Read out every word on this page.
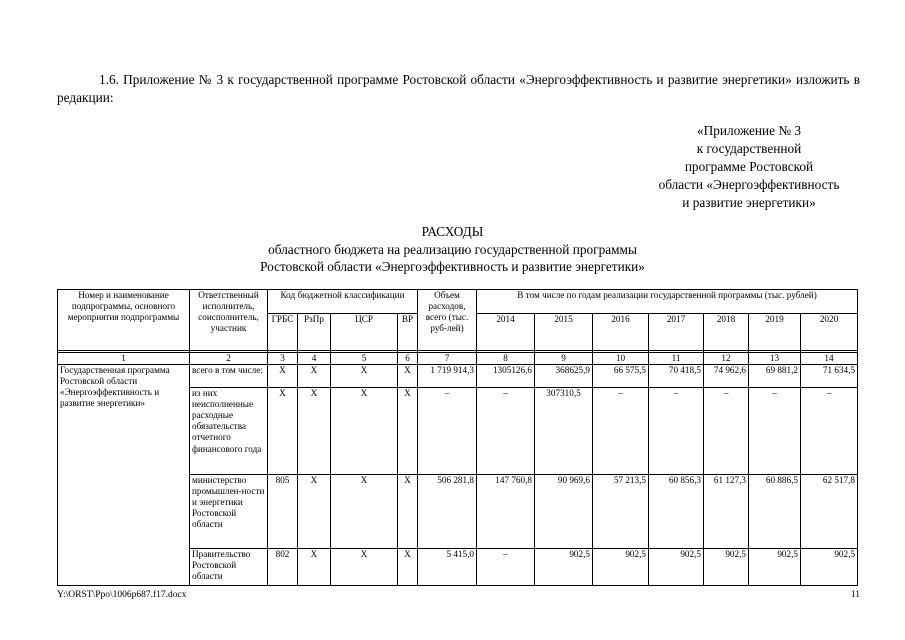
1.6. Приложение № 3 к государственной программе Ростовской области «Энергоэффективность и развитие энергетики» изложить в редакции:
«Приложение № 3
к государственной
программе Ростовской
области «Энергоэффективность
и развитие энергетики»
РАСХОДЫ
областного бюджета на реализацию государственной программы
Ростовской области «Энергоэффективность и развитие энергетики»
Номер и наименование подпрограммы, основного мероприятия подпрограммы	Ответственный исполнитель, соисполнитель, участник	Код бюджетной классификации				Объем расходов, всего (тыс. руб-лей)	В том числе по годам реализации государственной программы (тыс. рублей)						
		ГРБС	РзПр	ЦСР	ВР		2014	2015	2016	2017	2018	2019	2020

1	2	3	4	5	6	7	8	9	10	11	12	13	14
Государственная программа Ростовской области «Энергоэффективность и развитие энергетики»	всего в том числе:	X	X	X	X	1 719 914,3	1305126,6	368625,9	66 575,5	70 418,5	74 962,6	69 881,2	71 634,5
	из них неисполненные расходные обязательства отчетного финансового года	X	X	X	X	–	–	307310,5	–	–	–	–	–
	министерство промышлен-ности и энергетики Ростовской области	805	X	X	X	506 281,8	147 760,8	90 969,6	57 213,5	60 856,3	61 127,3	60 886,5	62 517,8
	Правительство Ростовской области	802	X	X	X	5 415,0	–	902,5	902,5	902,5	902,5	902,5	902,5
Y:\ORST\Ppo\1006p687.f17.docx	11
